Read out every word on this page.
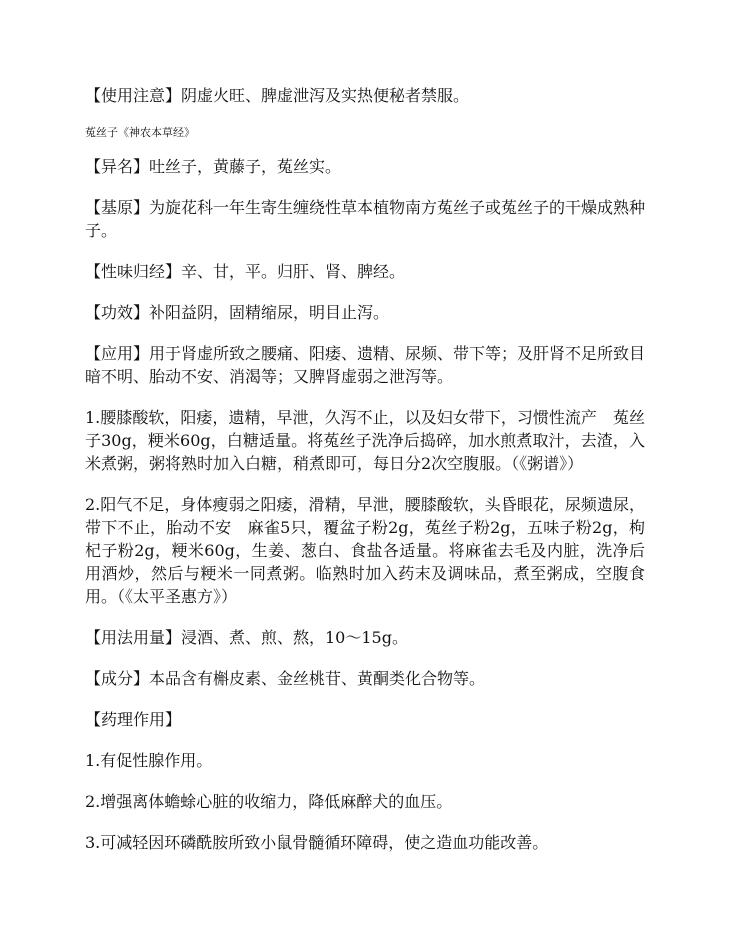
【使用注意】阴虚火旺、脾虚泄泻及实热便秘者禁服。

菟丝子《神农本草经》

【异名】吐丝子，黄藤子，菟丝实。

【基原】为旋花科一年生寄生缠绕性草本植物南方菟丝子或菟丝子的干燥成熟种子。

【性味归经】辛、甘，平。归肝、肾、脾经。

【功效】补阳益阴，固精缩尿，明目止泻。

【应用】用于肾虚所致之腰痛、阳痿、遗精、尿频、带下等；及肝肾不足所致目暗不明、胎动不安、消渴等；又脾肾虚弱之泄泻等。

1.腰膝酸软，阳痿，遗精，早泄，久泻不止，以及妇女带下，习惯性流产　菟丝子30g，粳米60g，白糖适量。将菟丝子洗净后捣碎，加水煎煮取汁，去渣，入米煮粥，粥将熟时加入白糖，稍煮即可，每日分2次空腹服。（《粥谱》）

2.阳气不足，身体瘦弱之阳痿，滑精，早泄，腰膝酸软，头昏眼花，尿频遗尿，带下不止，胎动不安　麻雀5只，覆盆子粉2g，菟丝子粉2g，五味子粉2g，枸杞子粉2g，粳米60g，生姜、葱白、食盐各适量。将麻雀去毛及内脏，洗净后用酒炒，然后与粳米一同煮粥。临熟时加入药末及调味品，煮至粥成，空腹食用。（《太平圣惠方》）

【用法用量】浸酒、煮、煎、熬，10～15g。

【成分】本品含有槲皮素、金丝桃苷、黄酮类化合物等。

【药理作用】

1.有促性腺作用。

2.增强离体蟾蜍心脏的收缩力，降低麻醉犬的血压。

3.可减轻因环磷酰胺所致小鼠骨髓循环障碍，使之造血功能改善。
